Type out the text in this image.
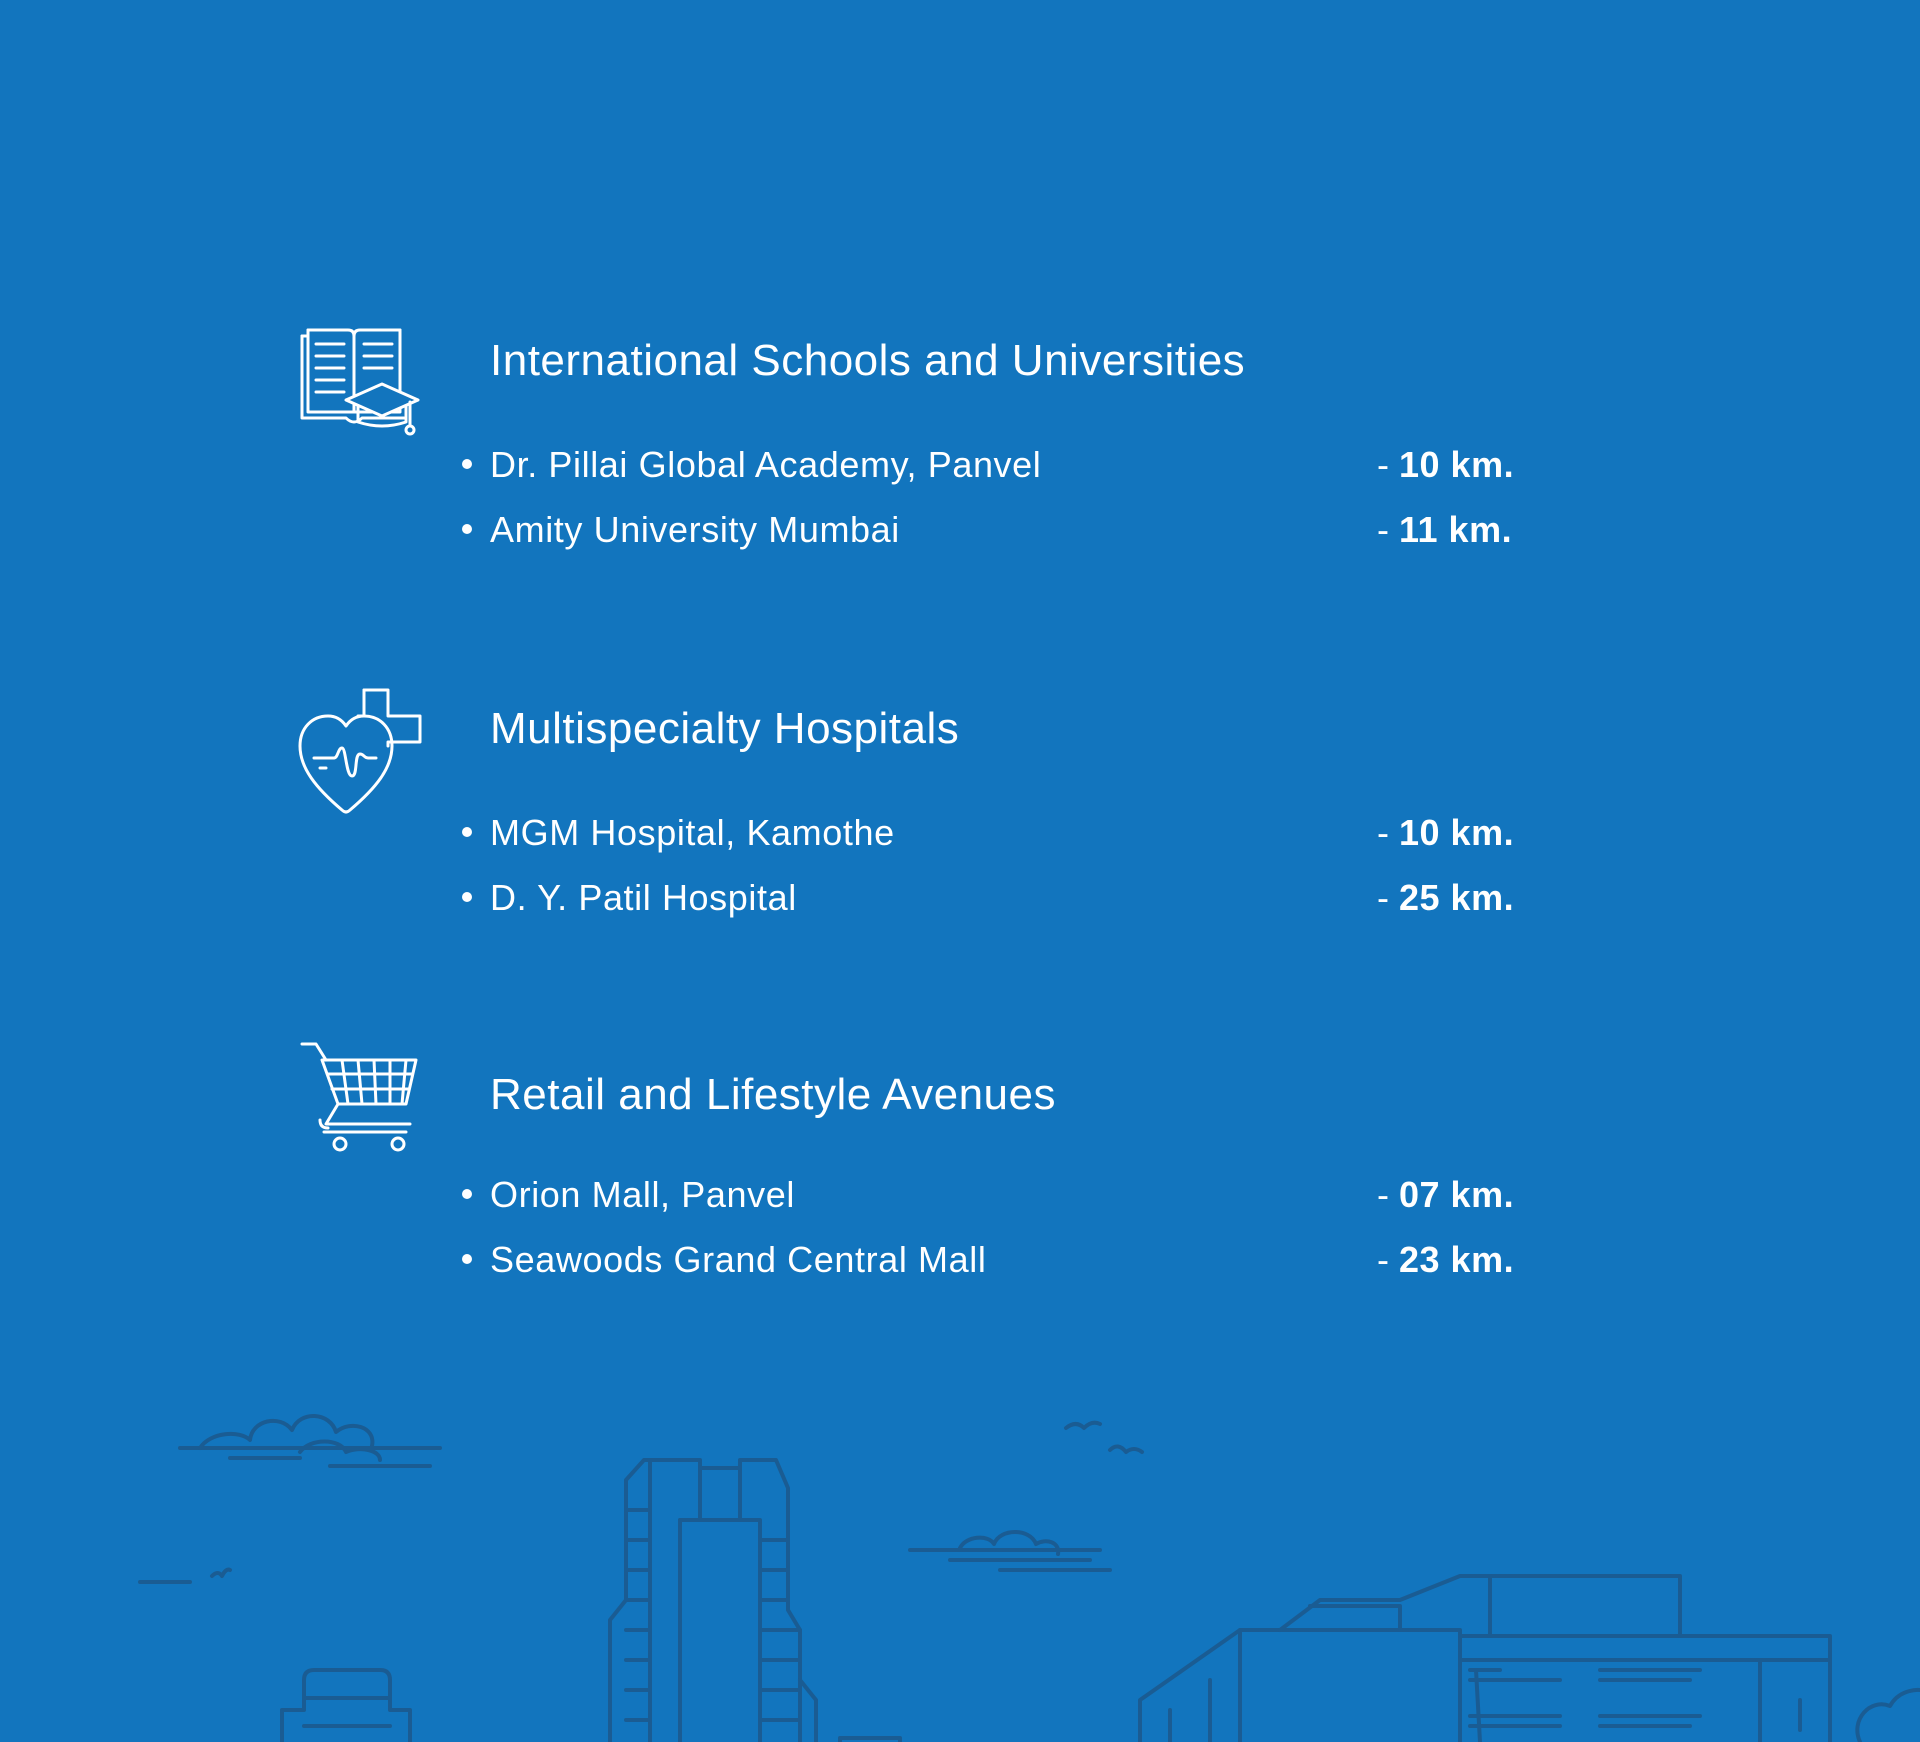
International Schools and Universities
Dr. Pillai Global Academy, Panvel	- 10 km.
Amity University Mumbai	- 11 km.
Multispecialty Hospitals
MGM Hospital, Kamothe	- 10 km.
D. Y. Patil Hospital	- 25 km.
Retail and Lifestyle Avenues
Orion Mall, Panvel	- 07 km.
Seawoods Grand Central Mall	- 23 km.
